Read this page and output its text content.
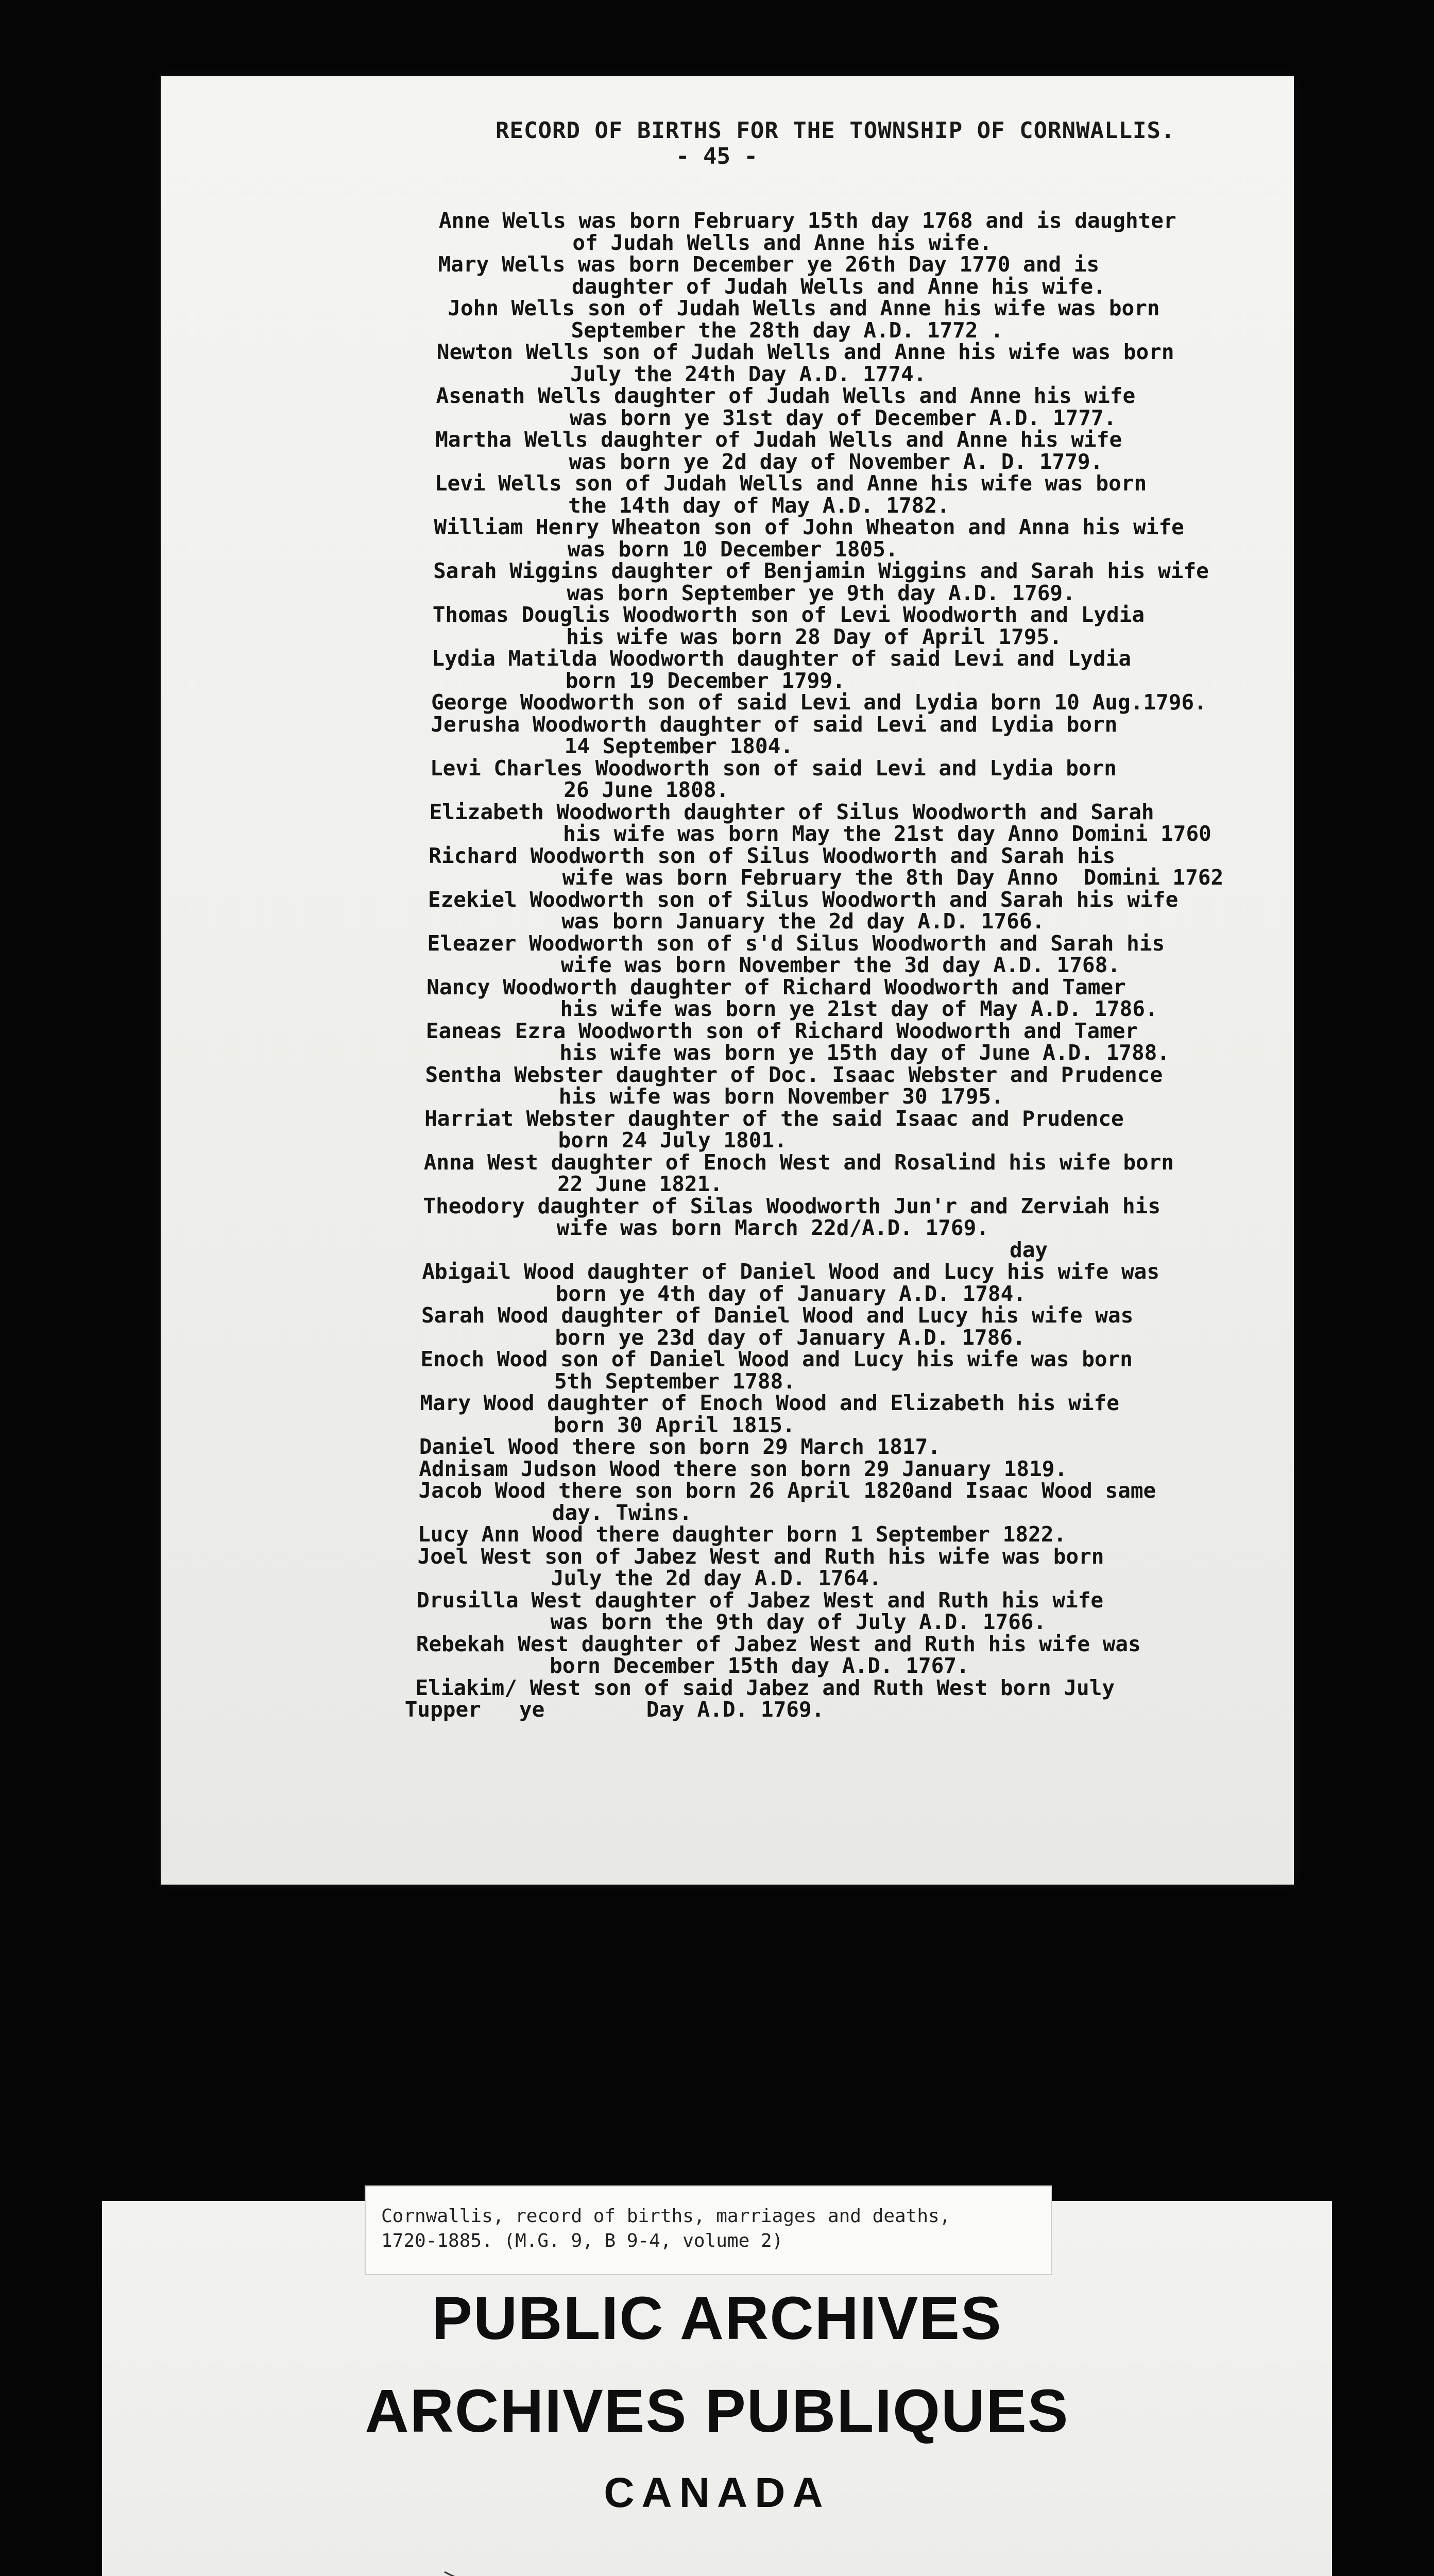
RECORD OF BIRTHS FOR THE TOWNSHIP OF CORNWALLIS.
- 45 -
Anne Wells was born February 15th day 1768 and is daughter
of Judah Wells and Anne his wife.
Mary Wells was born December ye 26th Day 1770 and is
daughter of Judah Wells and Anne his wife.
John Wells son of Judah Wells and Anne his wife was born
September the 28th day A.D. 1772 .
Newton Wells son of Judah Wells and Anne his wife was born
July the 24th Day A.D. 1774.
Asenath Wells daughter of Judah Wells and Anne his wife
was born ye 31st day of December A.D. 1777.
Martha Wells daughter of Judah Wells and Anne his wife
was born ye 2d day of November A. D. 1779.
Levi Wells son of Judah Wells and Anne his wife was born
the 14th day of May A.D. 1782.
William Henry Wheaton son of John Wheaton and Anna his wife
was born 10 December 1805.
Sarah Wiggins daughter of Benjamin Wiggins and Sarah his wife
was born September ye 9th day A.D. 1769.
Thomas Douglis Woodworth son of Levi Woodworth and Lydia
his wife was born 28 Day of April 1795.
Lydia Matilda Woodworth daughter of said Levi and Lydia
born 19 December 1799.
George Woodworth son of said Levi and Lydia born 10 Aug.1796.
Jerusha Woodworth daughter of said Levi and Lydia born
14 September 1804.
Levi Charles Woodworth son of said Levi and Lydia born
26 June 1808.
Elizabeth Woodworth daughter of Silus Woodworth and Sarah
his wife was born May the 21st day Anno Domini 1760
Richard Woodworth son of Silus Woodworth and Sarah his
wife was born February the 8th Day Anno  Domini 1762
Ezekiel Woodworth son of Silus Woodworth and Sarah his wife
was born January the 2d day A.D. 1766.
Eleazer Woodworth son of s'd Silus Woodworth and Sarah his
wife was born November the 3d day A.D. 1768.
Nancy Woodworth daughter of Richard Woodworth and Tamer
his wife was born ye 21st day of May A.D. 1786.
Eaneas Ezra Woodworth son of Richard Woodworth and Tamer
his wife was born ye 15th day of June A.D. 1788.
Sentha Webster daughter of Doc. Isaac Webster and Prudence
his wife was born November 30 1795.
Harriat Webster daughter of the said Isaac and Prudence
born 24 July 1801.
Anna West daughter of Enoch West and Rosalind his wife born
22 June 1821.
Theodory daughter of Silas Woodworth Jun'r and Zerviah his
wife was born March 22d/A.D. 1769.
day
Abigail Wood daughter of Daniel Wood and Lucy his wife was
born ye 4th day of January A.D. 1784.
Sarah Wood daughter of Daniel Wood and Lucy his wife was
born ye 23d day of January A.D. 1786.
Enoch Wood son of Daniel Wood and Lucy his wife was born
5th September 1788.
Mary Wood daughter of Enoch Wood and Elizabeth his wife
born 30 April 1815.
Daniel Wood there son born 29 March 1817.
Adnisam Judson Wood there son born 29 January 1819.
Jacob Wood there son born 26 April 1820and Isaac Wood same
day. Twins.
Lucy Ann Wood there daughter born 1 September 1822.
Joel West son of Jabez West and Ruth his wife was born
July the 2d day A.D. 1764.
Drusilla West daughter of Jabez West and Ruth his wife
was born the 9th day of July A.D. 1766.
Rebekah West daughter of Jabez West and Ruth his wife was
born December 15th day A.D. 1767.
Eliakim/ West son of said Jabez and Ruth West born July
Tupper   ye        Day A.D. 1769.
Cornwallis, record of births, marriages and deaths,
1720-1885. (M.G. 9, B 9-4, volume 2)
PUBLIC ARCHIVES
ARCHIVES PUBLIQUES
CANADA
